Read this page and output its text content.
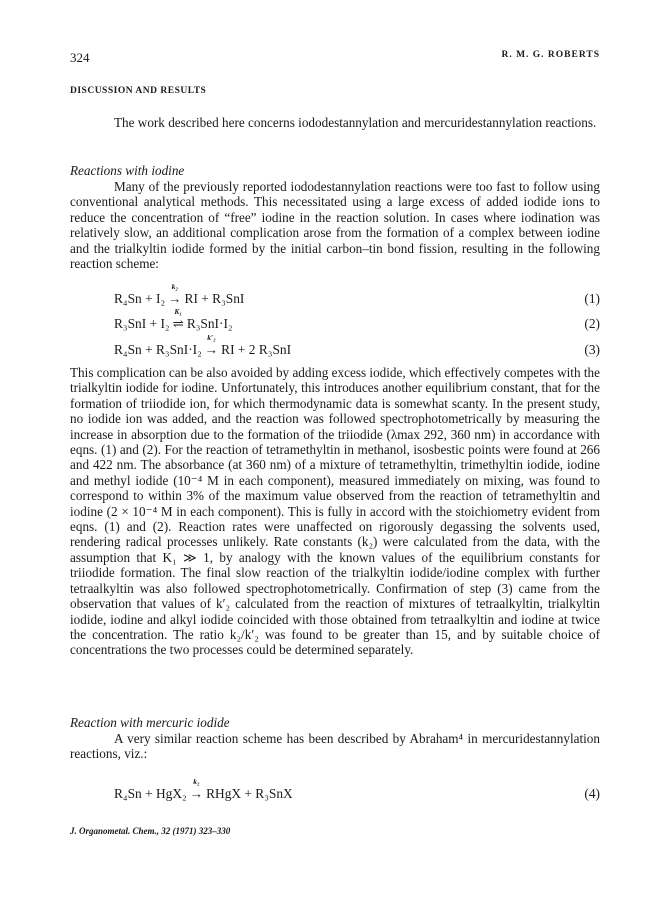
324	R. M. G. ROBERTS
DISCUSSION AND RESULTS

The work described here concerns iododestannylation and mercuridestannylation reactions.

Reactions with iodine

Many of the previously reported iododestannylation reactions were too fast to follow using conventional analytical methods. This necessitated using a large excess of added iodide ions to reduce the concentration of “free” iodine in the reaction solution. In cases where iodination was relatively slow, an additional complication arose from the formation of a complex between iodine and the trialkyltin iodide formed by the initial carbon–tin bond fission, resulting in the following reaction scheme:

R₄Sn + I₂
k₂
→ RI + R₃SnI	(1)
R₃SnI + I₂
K₁
⇌ R₃SnI·I₂	(2)
R₄Sn + R₃SnI·I₂
k′₂
→ RI + 2 R₃SnI	(3)

This complication can be also avoided by adding excess iodide, which effectively competes with the trialkyltin iodide for iodine. Unfortunately, this introduces another equilibrium constant, that for the formation of triiodide ion, for which thermodynamic data is somewhat scanty. In the present study, no iodide ion was added, and the reaction was followed spectrophotometrically by measuring the increase in absorption due to the formation of the triiodide (λmax 292, 360 nm) in accordance with eqns. (1) and (2). For the reaction of tetramethyltin in methanol, isosbestic points were found at 266 and 422 nm. The absorbance (at 360 nm) of a mixture of tetramethyltin, trimethyltin iodide, iodine and methyl iodide (10⁻⁴ M in each component), measured immediately on mixing, was found to correspond to within 3% of the maximum value observed from the reaction of tetramethyltin and iodine (2 × 10⁻⁴ M in each component). This is fully in accord with the stoichiometry evident from eqns. (1) and (2). Reaction rates were unaffected on rigorously degassing the solvents used, rendering radical processes unlikely. Rate constants (k₂) were calculated from the data, with the assumption that K₁ ≫ 1, by analogy with the known values of the equilibrium constants for triiodide formation. The final slow reaction of the trialkyltin iodide/iodine complex with further tetraalkyltin was also followed spectrophotometrically. Confirmation of step (3) came from the observation that values of k′₂ calculated from the reaction of mixtures of tetraalkyltin, trialkyltin iodide, iodine and alkyl iodide coincided with those obtained from tetraalkyltin and iodine at twice the concentration. The ratio k₂/k′₂ was found to be greater than 15, and by suitable choice of concentrations the two processes could be determined separately.

Reaction with mercuric iodide

A very similar reaction scheme has been described by Abraham⁴ in mercuridestannylation reactions, viz.:

R₄Sn + HgX₂
k₂
→ RHgX + R₃SnX	(4)
J. Organometal. Chem., 32 (1971) 323–330
